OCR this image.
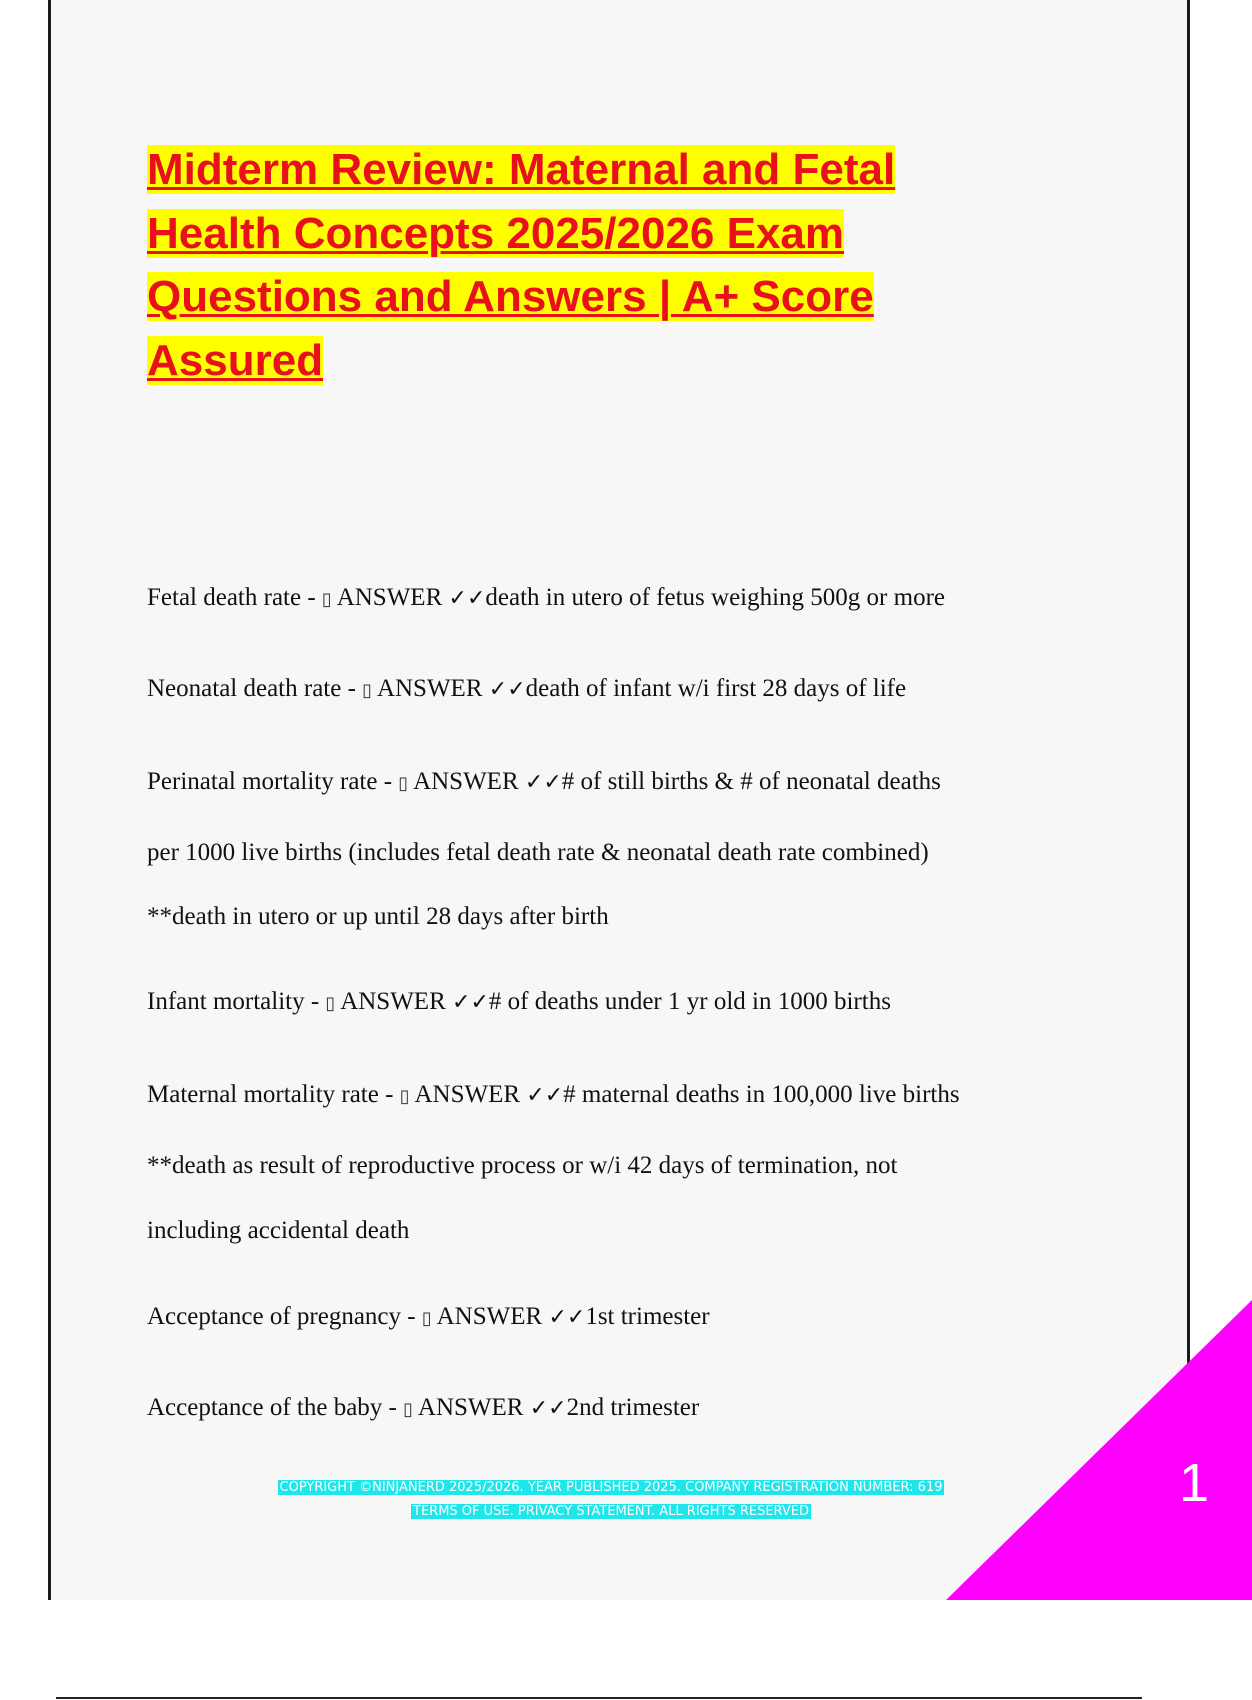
Midterm Review: Maternal and Fetal
Health Concepts 2025/2026 Exam
Questions and Answers | A+ Score
Assured

Fetal death rate - ▯ ANSWER ✓✓death in utero of fetus weighing 500g or more

Neonatal death rate - ▯ ANSWER ✓✓death of infant w/i first 28 days of life

Perinatal mortality rate - ▯ ANSWER ✓✓# of still births & # of neonatal deaths

per 1000 live births (includes fetal death rate & neonatal death rate combined)

**death in utero or up until 28 days after birth

Infant mortality - ▯ ANSWER ✓✓# of deaths under 1 yr old in 1000 births

Maternal mortality rate - ▯ ANSWER ✓✓# maternal deaths in 100,000 live births

**death as result of reproductive process or w/i 42 days of termination, not

including accidental death

Acceptance of pregnancy - ▯ ANSWER ✓✓1st trimester

Acceptance of the baby - ▯ ANSWER ✓✓2nd trimester

COPYRIGHT ©NINJANERD 2025/2026. YEAR PUBLISHED 2025. COMPANY REGISTRATION NUMBER: 619
TERMS OF USE. PRIVACY STATEMENT. ALL RIGHTS RESERVED	1
